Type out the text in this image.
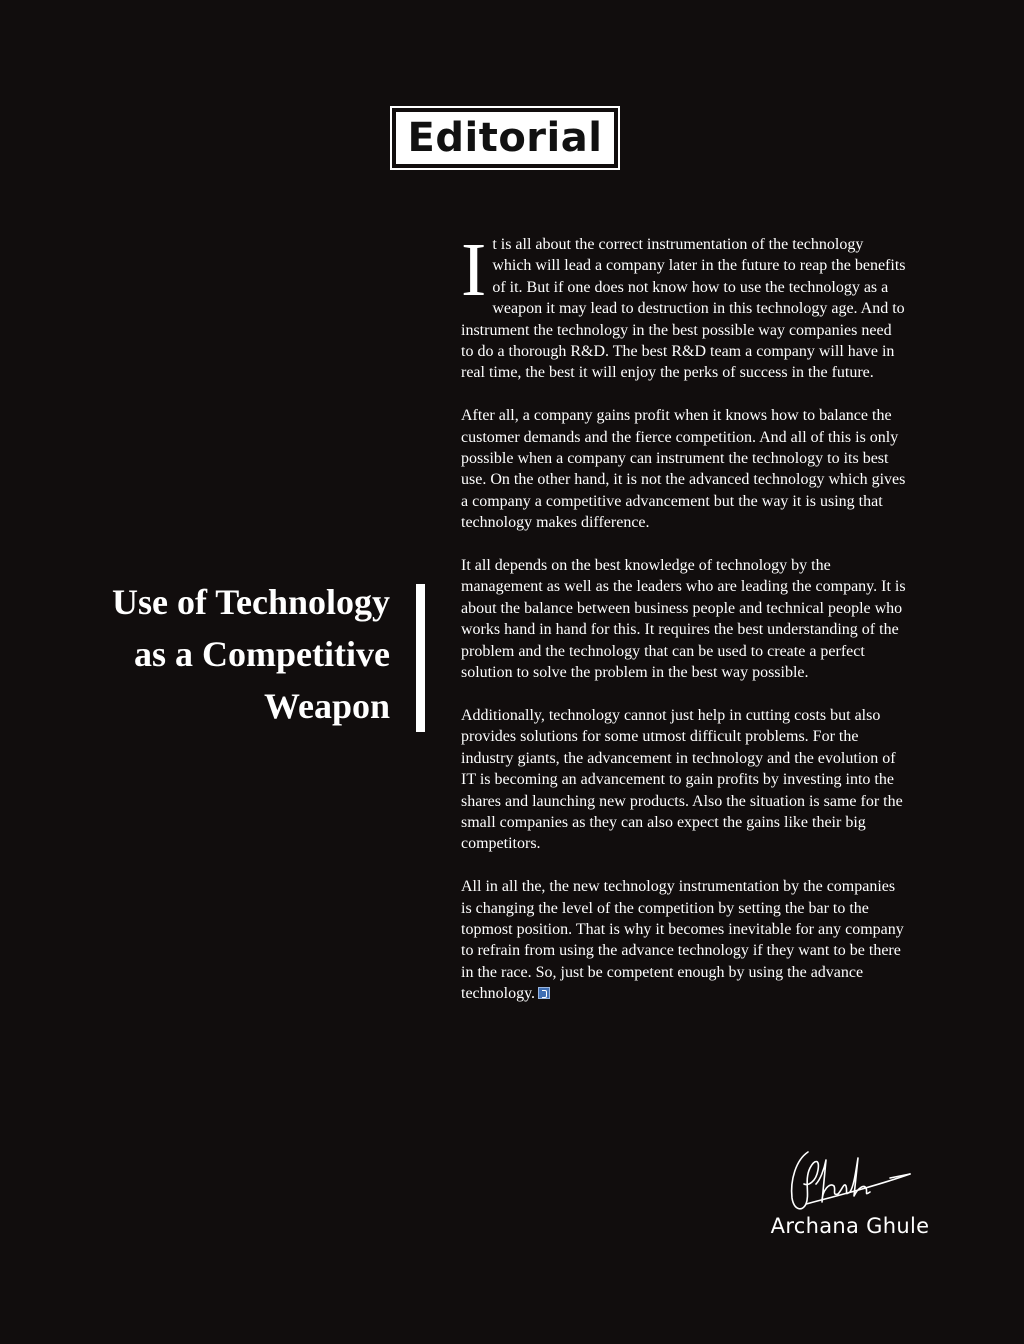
Editorial
Use of Technology
as a Competitive
Weapon

It is all about the correct instrumentation of the technology which will lead a company later in the future to reap the benefits of it. But if one does not know how to use the technology as a weapon it may lead to destruction in this technology age. And to instrument the technology in the best possible way companies need to do a thorough R&D. The best R&D team a company will have in real time, the best it will enjoy the perks of success in the future.

After all, a company gains profit when it knows how to balance the customer demands and the fierce competition. And all of this is only possible when a company can instrument the technology to its best use. On the other hand, it is not the advanced technology which gives a company a competitive advancement but the way it is using that technology makes difference.

It all depends on the best knowledge of technology by the management as well as the leaders who are leading the company. It is about the balance between business people and technical people who works hand in hand for this. It requires the best understanding of the problem and the technology that can be used to create a perfect solution to solve the problem in the best way possible.

Additionally, technology cannot just help in cutting costs but also provides solutions for some utmost difficult problems. For the industry giants, the advancement in technology and the evolution of IT is becoming an advancement to gain profits by investing into the shares and launching new products. Also the situation is same for the small companies as they can also expect the gains like their big competitors.

All in all the, the new technology instrumentation by the companies is changing the level of the competition by setting the bar to the topmost position. That is why it becomes inevitable for any company to refrain from using the advance technology if they want to be there in the race. So, just be competent enough by using the advance technology.

Archana Ghule
